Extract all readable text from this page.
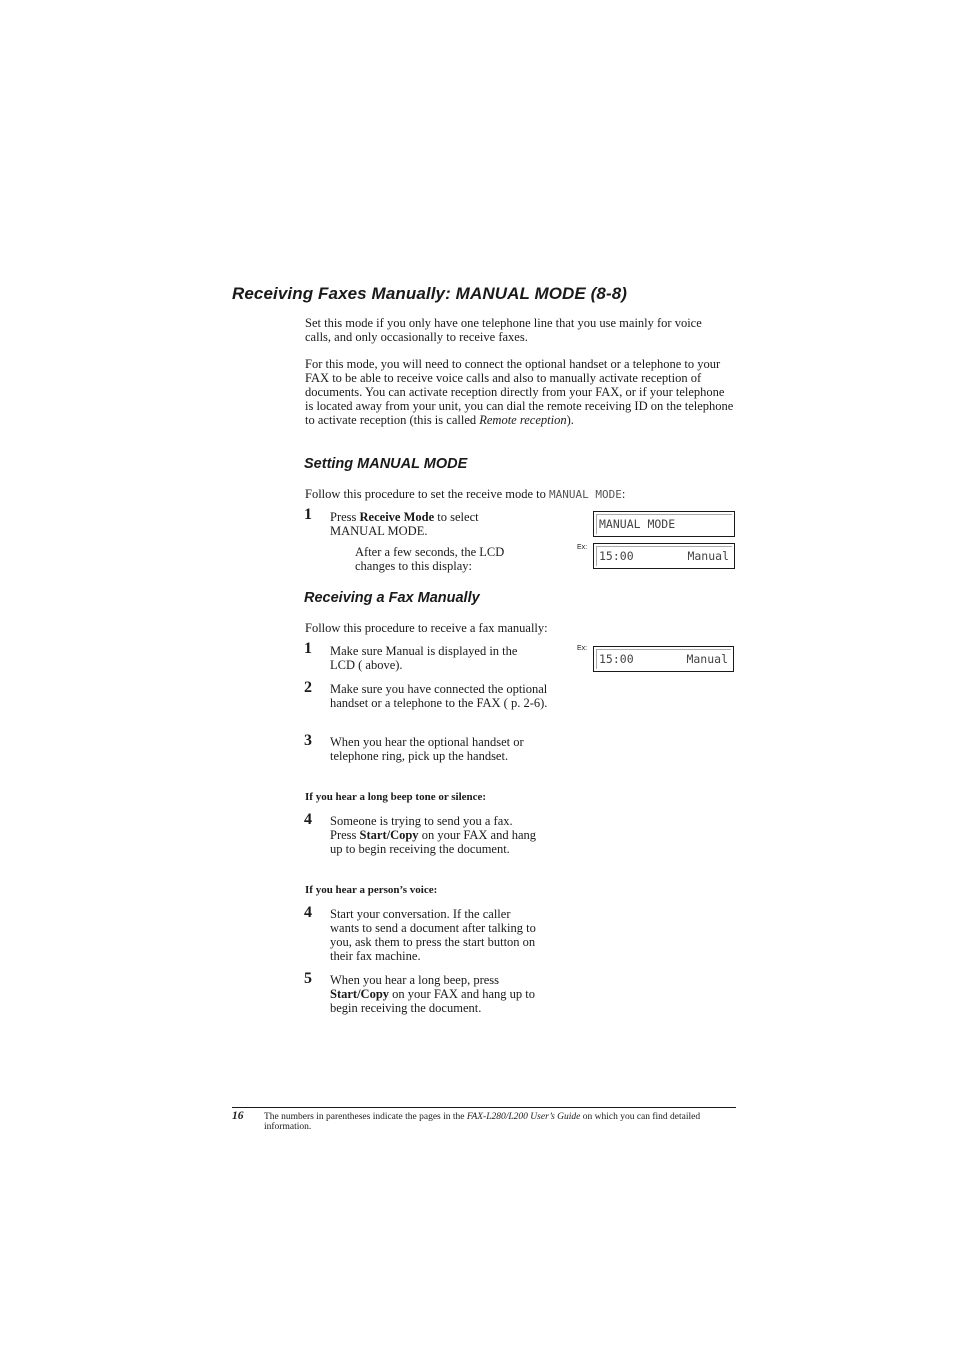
Receiving Faxes Manually: MANUAL MODE (8-8)
Set this mode if you only have one telephone line that you use mainly for voice calls, and only occasionally to receive faxes.
For this mode, you will need to connect the optional handset or a telephone to your FAX to be able to receive voice calls and also to manually activate reception of documents. You can activate reception directly from your FAX, or if your telephone is located away from your unit, you can dial the remote receiving ID on the telephone to activate reception (this is called Remote reception).
Setting MANUAL MODE
Follow this procedure to set the receive mode to MANUAL MODE:
1 Press Receive Mode to select MANUAL MODE.
After a few seconds, the LCD changes to this display:
MANUAL MODE
Ex:
15:00	Manual
Receiving a Fax Manually
Follow this procedure to receive a fax manually:
Ex:
15:00	Manual
1 Make sure Manual is displayed in the LCD ( above).
2 Make sure you have connected the optional handset or a telephone to the FAX ( p. 2-6).
3 When you hear the optional handset or telephone ring, pick up the handset.
If you hear a long beep tone or silence:
4 Someone is trying to send you a fax. Press Start/Copy on your FAX and hang up to begin receiving the document.
If you hear a person’s voice:
4 Start your conversation. If the caller wants to send a document after talking to you, ask them to press the start button on their fax machine.
5 When you hear a long beep, press Start/Copy on your FAX and hang up to begin receiving the document.
16 The numbers in parentheses indicate the pages in the FAX-L280/L200 User’s Guide on which you can find detailed information.
